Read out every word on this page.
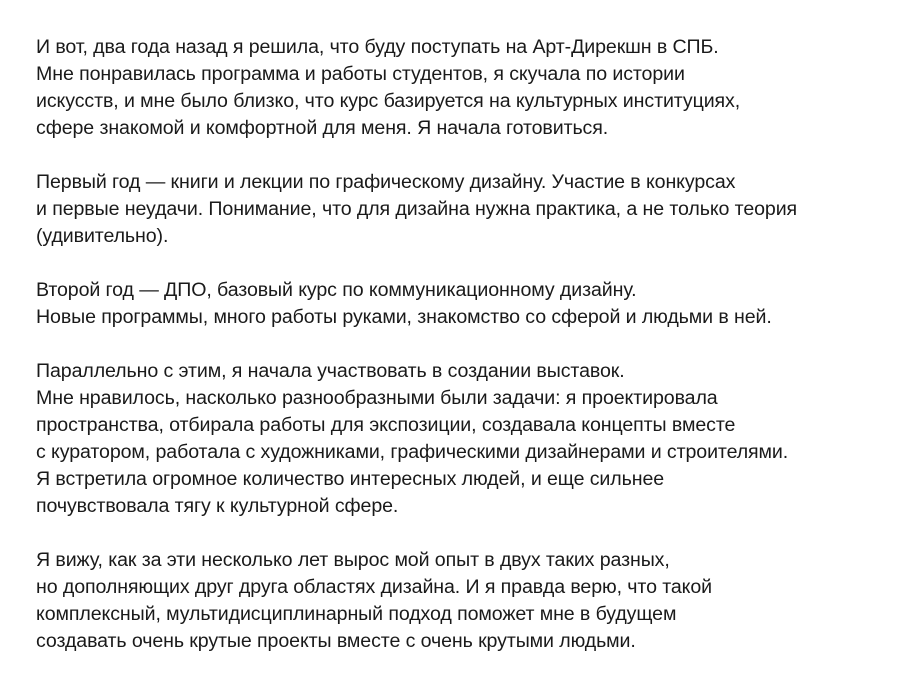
И вот, два года назад я решила, что буду поступать на Арт-Дирекшн в СПБ.
Мне понравилась программа и работы студентов, я скучала по истории
искусств, и мне было близко, что курс базируется на культурных институциях,
сфере знакомой и комфортной для меня. Я начала готовиться.

Первый год — книги и лекции по графическому дизайну. Участие в конкурсах
и первые неудачи. Понимание, что для дизайна нужна практика, а не только теория
(удивительно).

Второй год — ДПО, базовый курс по коммуникационному дизайну.
Новые программы, много работы руками, знакомство со сферой и людьми в ней.

Параллельно с этим, я начала участвовать в создании выставок.
Мне нравилось, насколько разнообразными были задачи: я проектировала
пространства, отбирала работы для экспозиции, создавала концепты вместе
с куратором, работала с художниками, графическими дизайнерами и строителями.
Я встретила огромное количество интересных людей, и еще сильнее
почувствовала тягу к культурной сфере.

Я вижу, как за эти несколько лет вырос мой опыт в двух таких разных,
но дополняющих друг друга областях дизайна. И я правда верю, что такой
комплексный, мультидисциплинарный подход поможет мне в будущем
создавать очень крутые проекты вместе с очень крутыми людьми.
